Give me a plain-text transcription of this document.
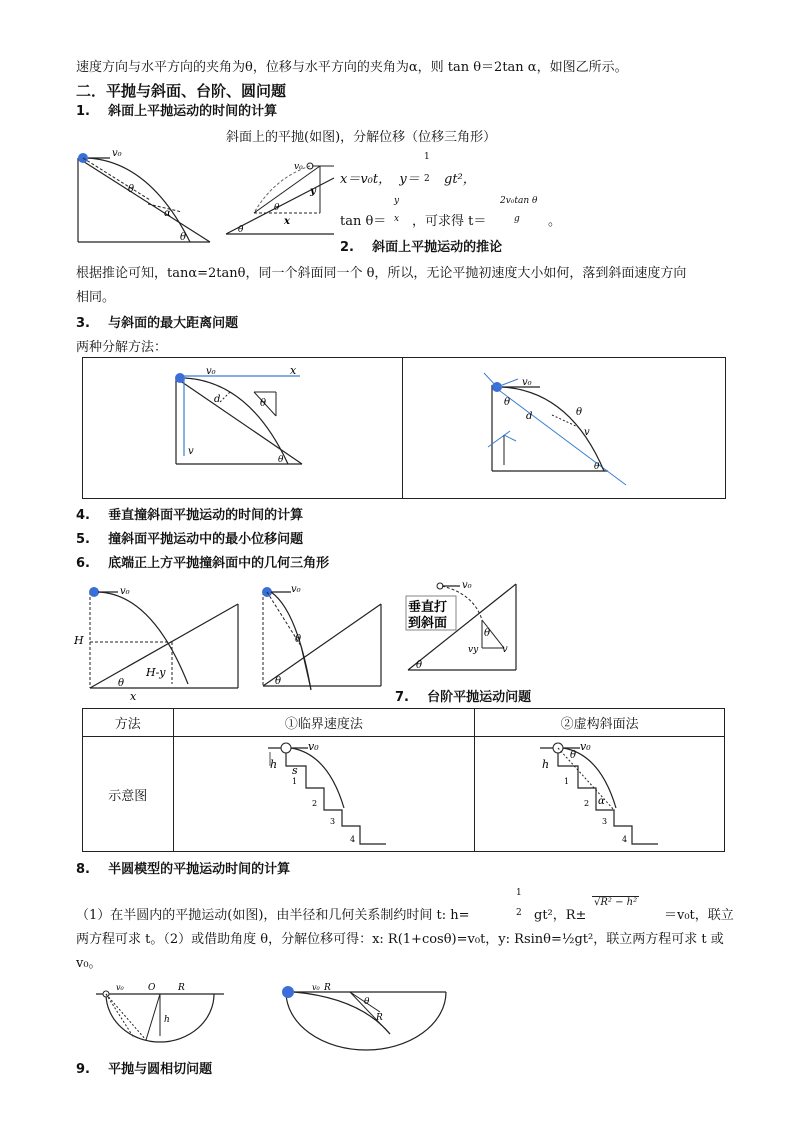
速度方向与水平方向的夹角为θ，位移与水平方向的夹角为α，则 tan θ＝2tan α，如图乙所示。
二．平抛与斜面、台阶、圆问题
1. 斜面上平抛运动的时间的计算
斜面上的平抛(如图)，分解位移（位移三角形）
v₀
θ
α
θ
v₀
y
x
θ
θ
x＝v₀t， y＝
1
2 gt²，
tan θ＝
y
x ，可求得 t＝
2v₀tan θ
g 。
2. 斜面上平抛运动的推论
根据推论可知，tanα=2tanθ，同一个斜面同一个 θ，所以，无论平抛初速度大小如何，落到斜面速度方向
相同。
3. 与斜面的最大距离问题
两种分解方法：
v₀	x
v
d	θ
θ
v₀
θ
d	θ
v
θ
4. 垂直撞斜面平抛运动的时间的计算
5. 撞斜面平抛运动中的最小位移问题
6. 底端正上方平抛撞斜面中的几何三角形
v₀
H
H-y
θ
x
v₀
θ
θ
垂直打
到斜面
v₀
θ
vy v
θ
7. 台阶平抛运动问题
方法	①临界速度法	②虚构斜面法
示意图		
v₀
h s
1
2
3
4
v₀
h
θ
α
1
2
3
4
8. 半圆模型的平抛运动时间的计算
（1）在半圆内的平抛运动(如图)，由半径和几何关系制约时间 t: h=
1
2 gt²，R±
√R² − h²
＝v₀t，联立
两方程可求 t。（2）或借助角度 θ，分解位移可得：x: R(1+cosθ)=v₀t，y: Rsinθ=½gt²，联立两方程可求 t 或
v₀。
v₀	O	R
h
v₀ R
θ
R
9. 平抛与圆相切问题
